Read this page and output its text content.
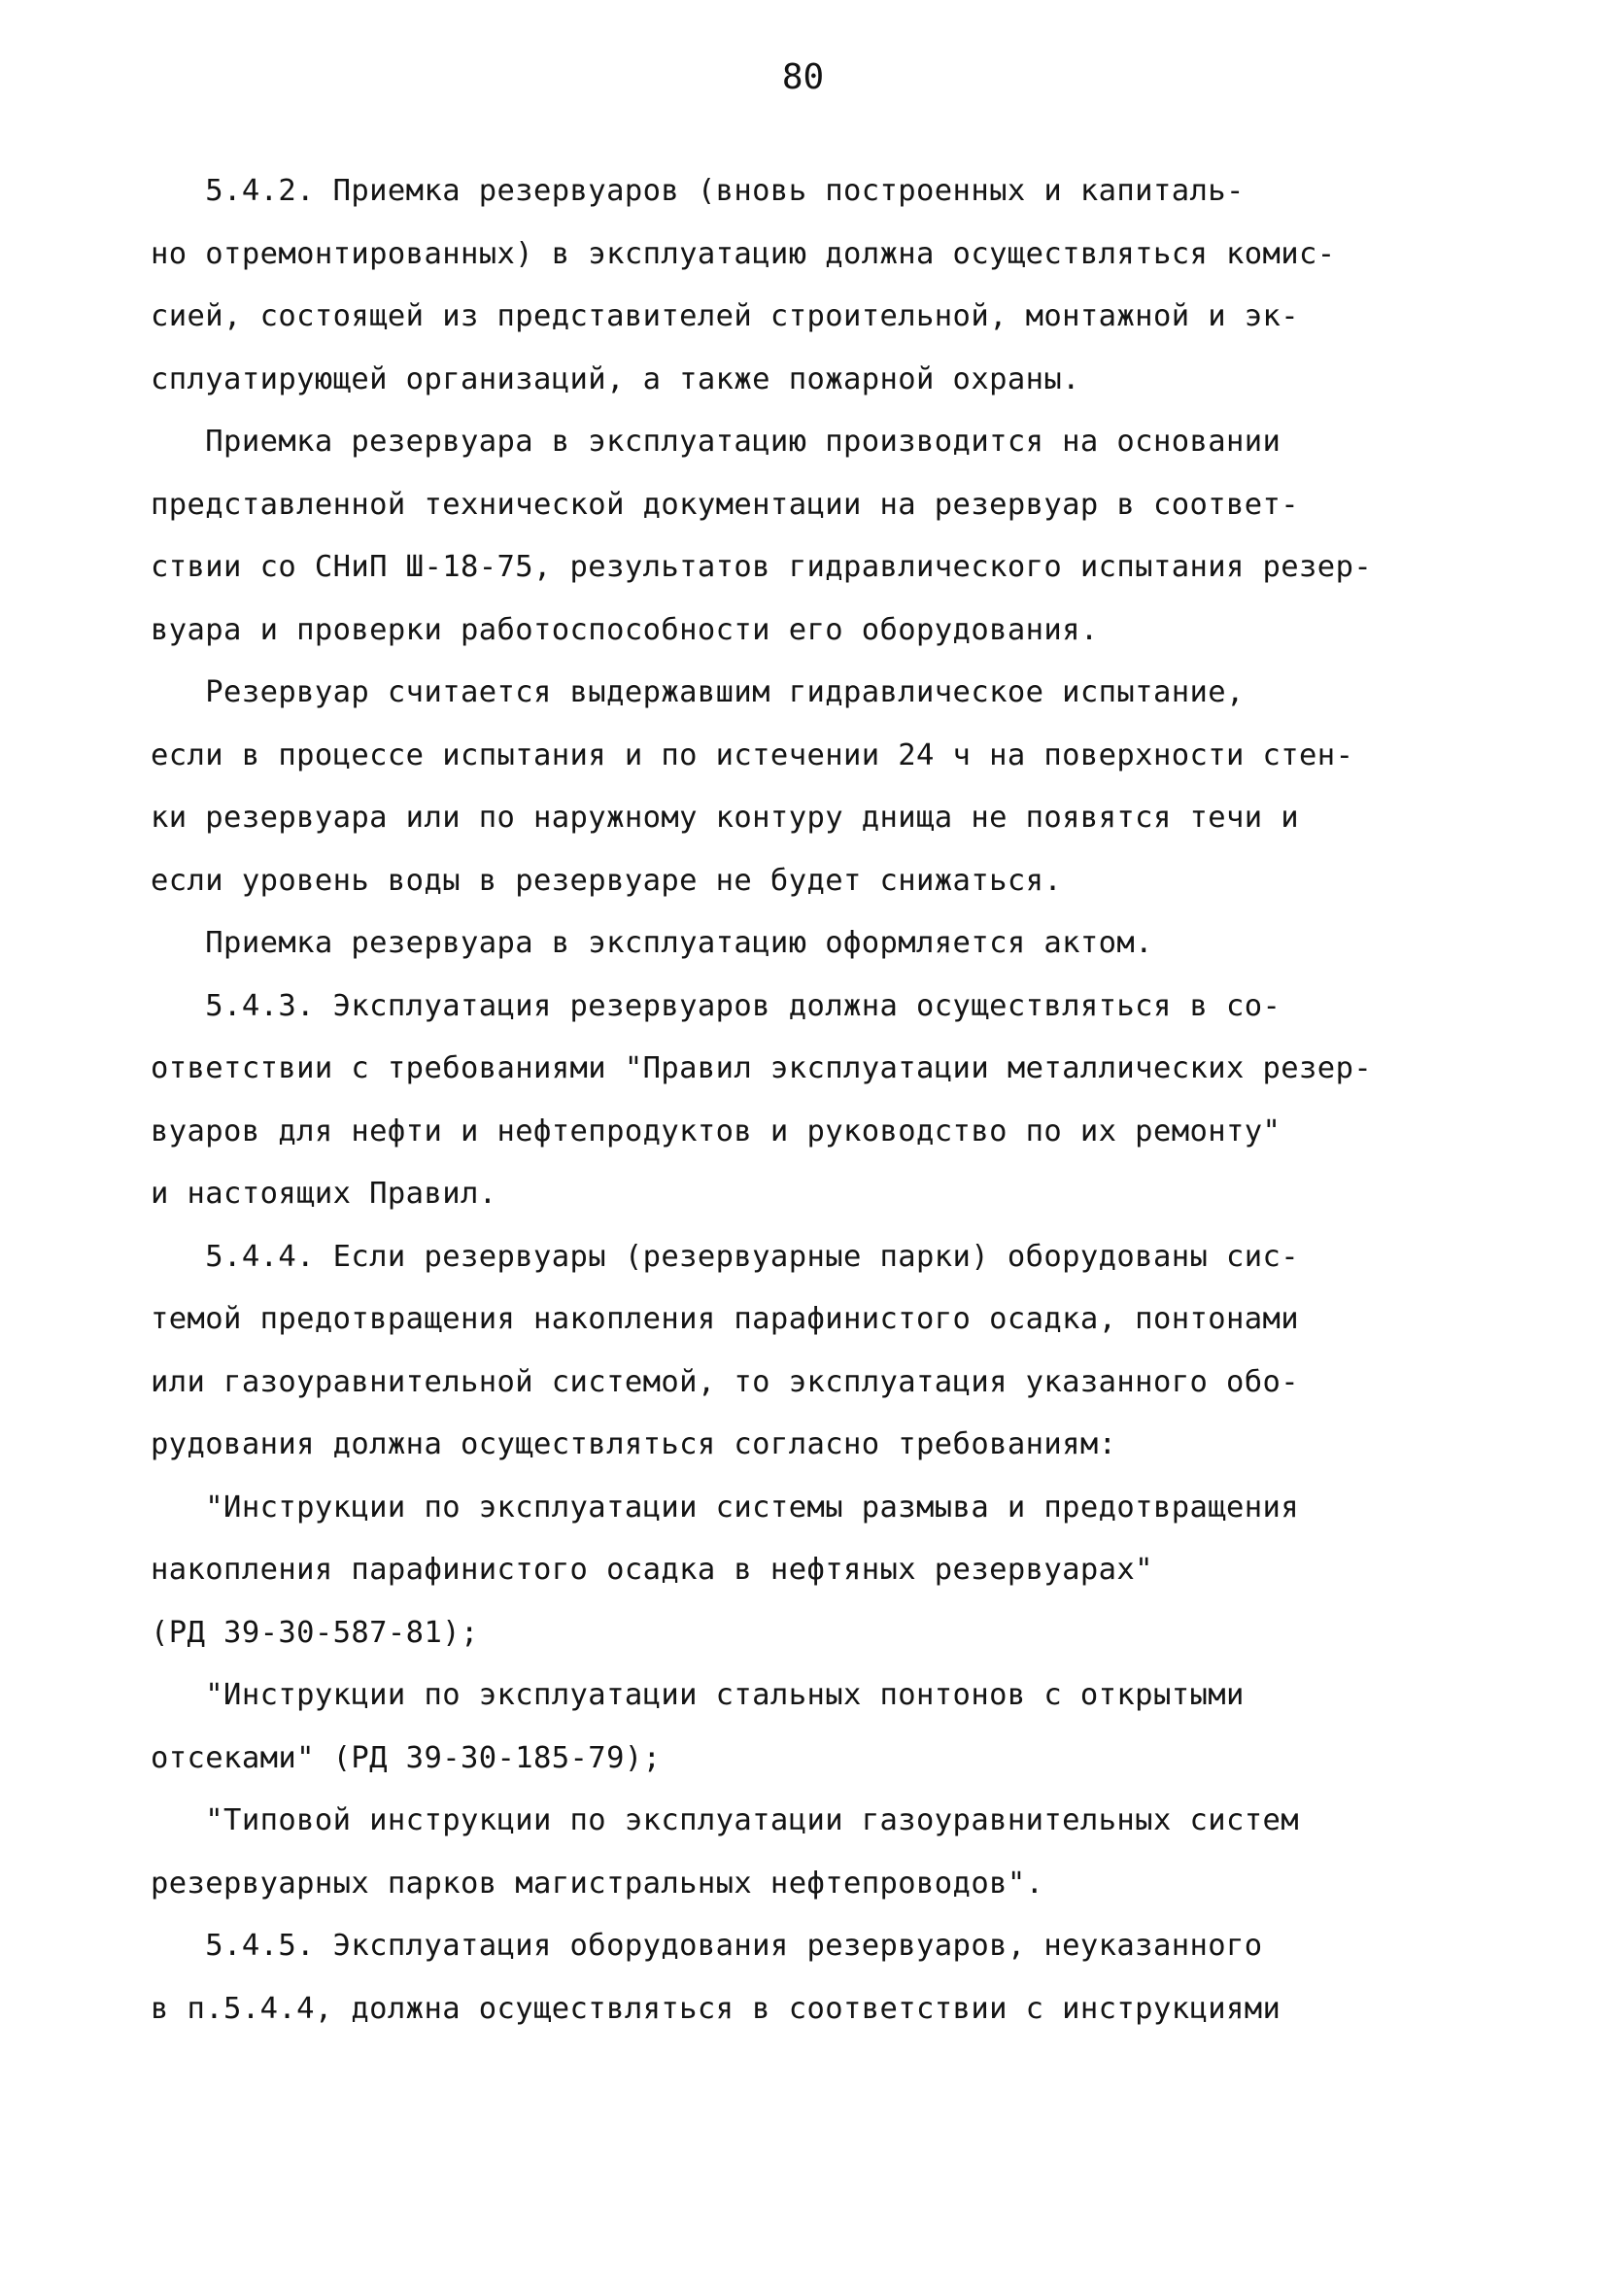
80
5.4.2. Приемка резервуаров (вновь построенных и капиталь-
но отремонтированных) в эксплуатацию должна осуществляться комис-
сией, состоящей из представителей строительной, монтажной и эк-
сплуатирующей организаций, а также пожарной охраны.
Приемка резервуара в эксплуатацию производится на основании
представленной технической документации на резервуар в соответ-
ствии со СНиП Ш-18-75, результатов гидравлического испытания резер-
вуара и проверки работоспособности его оборудования.
Резервуар считается выдержавшим гидравлическое испытание,
если в процессе испытания и по истечении 24 ч на поверхности стен-
ки резервуара или по наружному контуру днища не появятся течи и
если уровень воды в резервуаре не будет снижаться.
Приемка резервуара в эксплуатацию оформляется актом.
5.4.3. Эксплуатация резервуаров должна осуществляться в со-
ответствии с требованиями "Правил эксплуатации металлических резер-
вуаров для нефти и нефтепродуктов и руководство по их ремонту"
и настоящих Правил.
5.4.4. Если резервуары (резервуарные парки) оборудованы сис-
темой предотвращения накопления парафинистого осадка, понтонами
или газоуравнительной системой, то эксплуатация указанного обо-
рудования должна осуществляться согласно требованиям:
"Инструкции по эксплуатации системы размыва и предотвращения
накопления парафинистого осадка в нефтяных резервуарах"
(РД 39-30-587-81);
"Инструкции по эксплуатации стальных понтонов с открытыми
отсеками" (РД 39-30-185-79);
"Типовой инструкции по эксплуатации газоуравнительных систем
резервуарных парков магистральных нефтепроводов".
5.4.5. Эксплуатация оборудования резервуаров, неуказанного
в п.5.4.4, должна осуществляться в соответствии с инструкциями
